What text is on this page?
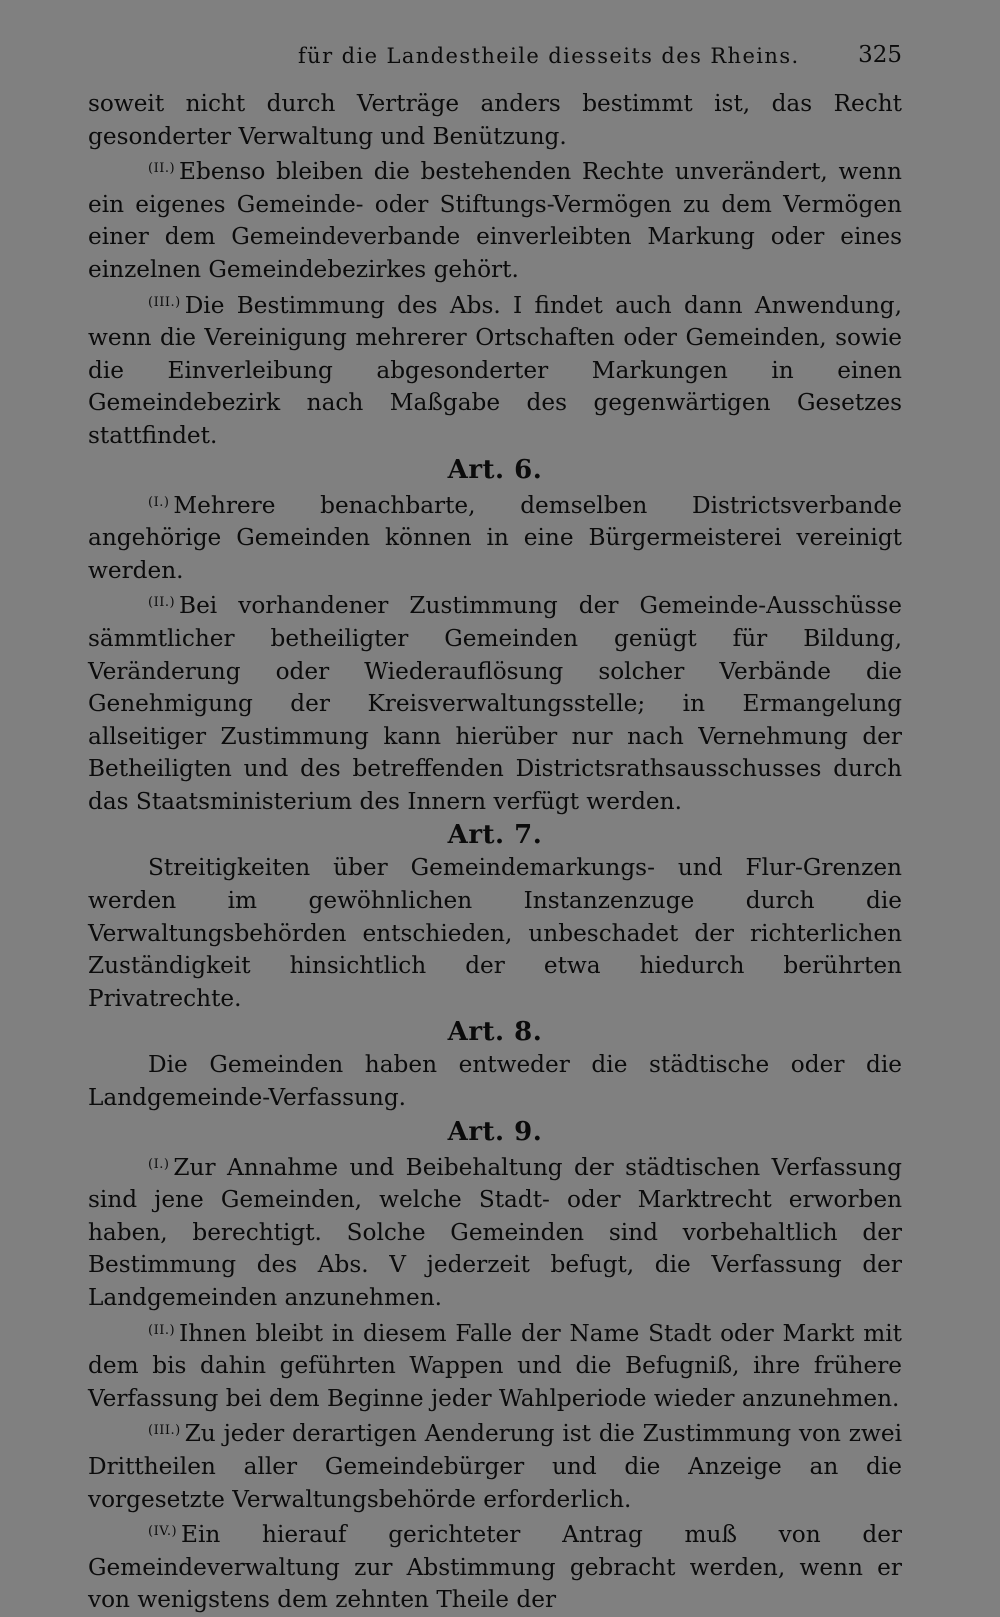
für die Landestheile diesseits des Rheins.	325

soweit nicht durch Verträge anders bestimmt ist, das Recht gesonderter Verwaltung und Benützung.

$^{(II.)}$ Ebenso bleiben die bestehenden Rechte unverändert, wenn ein eigenes Gemeinde- oder Stiftungs-Vermögen zu dem Vermögen einer dem Gemeindeverbande einverleibten Markung oder eines einzelnen Gemeindebezirkes gehört.

$^{(III.)}$ Die Bestimmung des Abs. I findet auch dann Anwendung, wenn die Vereinigung mehrerer Ortschaften oder Gemeinden, sowie die Einverleibung abgesonderter Markungen in einen Gemeindebezirk nach Maßgabe des gegenwärtigen Gesetzes stattfindet.

Art. 6.

$^{(I.)}$ Mehrere benachbarte, demselben Districtsverbande angehörige Gemeinden können in eine Bürgermeisterei vereinigt werden.

$^{(II.)}$ Bei vorhandener Zustimmung der Gemeinde-Ausschüsse sämmtlicher betheiligter Gemeinden genügt für Bildung, Veränderung oder Wiederauflösung solcher Verbände die Genehmigung der Kreisverwaltungsstelle; in Ermangelung allseitiger Zustimmung kann hierüber nur nach Vernehmung der Betheiligten und des betreffenden Districtsrathsausschusses durch das Staatsministerium des Innern verfügt werden.

Art. 7.

Streitigkeiten über Gemeindemarkungs- und Flur-Grenzen werden im gewöhnlichen Instanzenzuge durch die Verwaltungsbehörden entschieden, unbeschadet der richterlichen Zuständigkeit hinsichtlich der etwa hiedurch berührten Privatrechte.

Art. 8.

Die Gemeinden haben entweder die städtische oder die Landgemeinde-Verfassung.

Art. 9.

$^{(I.)}$ Zur Annahme und Beibehaltung der städtischen Verfassung sind jene Gemeinden, welche Stadt- oder Marktrecht erworben haben, berechtigt. Solche Gemeinden sind vorbehaltlich der Bestimmung des Abs. V jederzeit befugt, die Verfassung der Landgemeinden anzunehmen.

$^{(II.)}$ Ihnen bleibt in diesem Falle der Name Stadt oder Markt mit dem bis dahin geführten Wappen und die Befugniß, ihre frühere Verfassung bei dem Beginne jeder Wahlperiode wieder anzunehmen.

$^{(III.)}$ Zu jeder derartigen Aenderung ist die Zustimmung von zwei Drittheilen aller Gemeindebürger und die Anzeige an die vorgesetzte Verwaltungsbehörde erforderlich.

$^{(IV.)}$ Ein hierauf gerichteter Antrag muß von der Gemeindeverwaltung zur Abstimmung gebracht werden, wenn er von wenigstens dem zehnten Theile der
